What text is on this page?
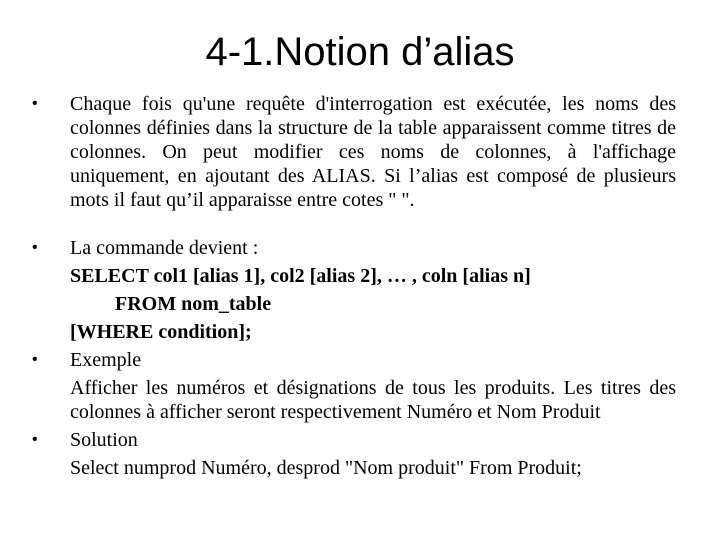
4-1.Notion d’alias
• Chaque fois qu'une requête d'interrogation est exécutée, les noms des colonnes définies dans la structure de la table apparaissent comme titres de colonnes. On peut modifier ces noms de colonnes, à l'affichage uniquement, en ajoutant des ALIAS. Si l’alias est composé de plusieurs mots il faut qu’il apparaisse entre cotes " ".
• La commande devient :
SELECT col1 [alias 1], col2 [alias 2], … , coln [alias n]
FROM nom_table
[WHERE condition];
• Exemple
Afficher les numéros et désignations de tous les produits. Les titres des colonnes à afficher seront respectivement Numéro et Nom Produit
• Solution
Select numprod Numéro, desprod "Nom produit" From Produit;
